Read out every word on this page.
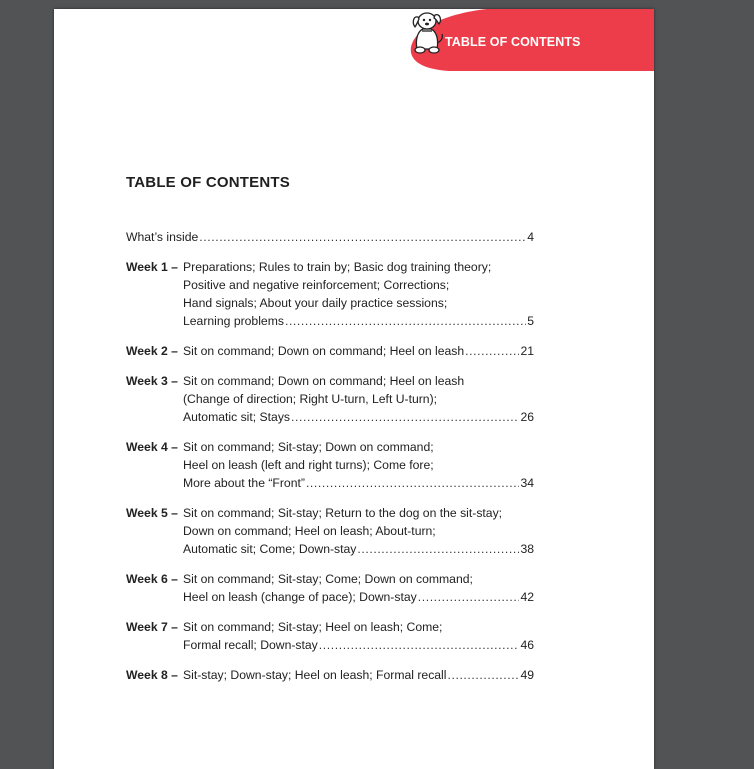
TABLE OF CONTENTS
TABLE OF CONTENTS
What’s inside .....	4
Week 1 – Preparations; Rules to train by; Basic dog training theory;
Positive and negative reinforcement; Corrections;
Hand signals; About your daily practice sessions;
Learning problems .....	5
Week 2 – Sit on command; Down on command; Heel on leash .....	21
Week 3 – Sit on command; Down on command; Heel on leash
(Change of direction; Right U-turn, Left U-turn);
Automatic sit; Stays .....	26
Week 4 – Sit on command; Sit-stay; Down on command;
Heel on leash (left and right turns); Come fore;
More about the “Front” .....	34
Week 5 – Sit on command; Sit-stay; Return to the dog on the sit-stay;
Down on command; Heel on leash; About-turn;
Automatic sit; Come; Down-stay .....	38
Week 6 – Sit on command; Sit-stay; Come; Down on command;
Heel on leash (change of pace); Down-stay .....	42
Week 7 – Sit on command; Sit-stay; Heel on leash; Come;
Formal recall; Down-stay .....	46
Week 8 – Sit-stay; Down-stay; Heel on leash; Formal recall .....	49
